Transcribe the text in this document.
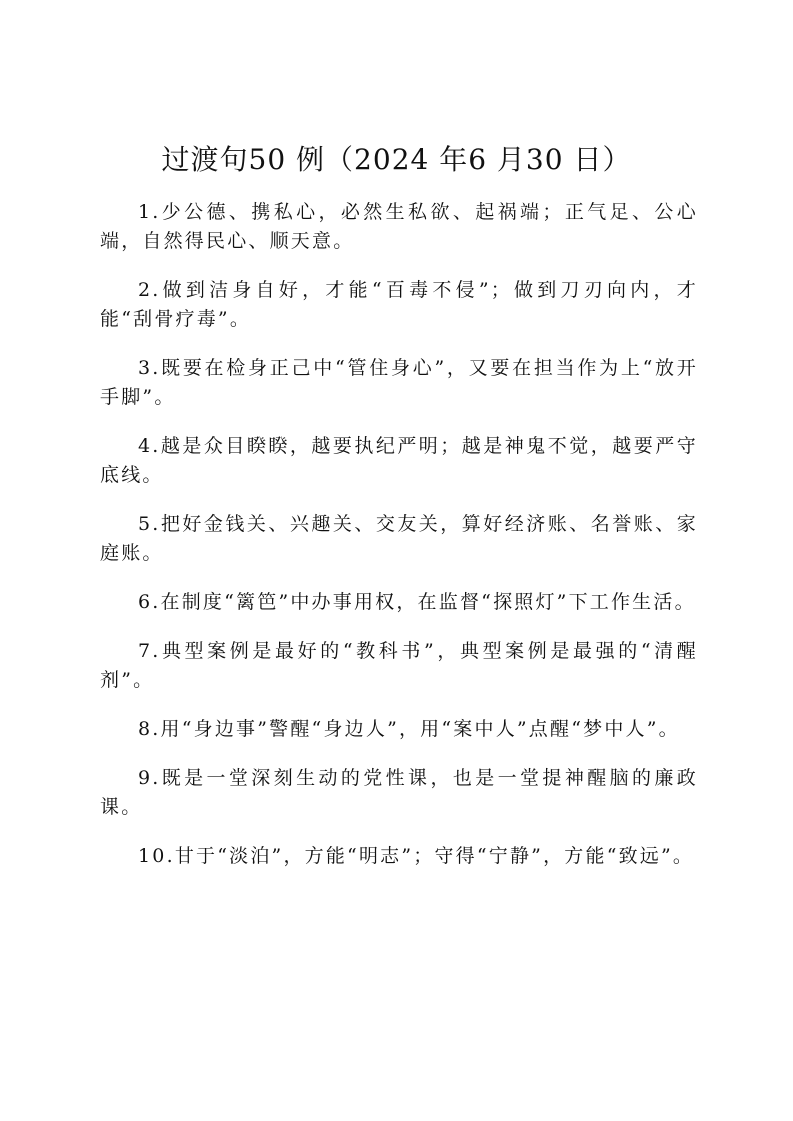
过渡句50 例（2024 年6 月30 日）
1.少公德、携私心，必然生私欲、起祸端；正气足、公心端，自然得民心、顺天意。
2.做到洁身自好，才能“百毒不侵”；做到刀刃向内，才能“刮骨疗毒”。
3.既要在检身正己中“管住身心”，又要在担当作为上“放开手脚”。
4.越是众目睽睽，越要执纪严明；越是神鬼不觉，越要严守底线。
5.把好金钱关、兴趣关、交友关，算好经济账、名誉账、家庭账。
6.在制度“篱笆”中办事用权，在监督“探照灯”下工作生活。
7.典型案例是最好的“教科书”，典型案例是最强的“清醒剂”。
8.用“身边事”警醒“身边人”，用“案中人”点醒“梦中人”。
9.既是一堂深刻生动的党性课，也是一堂提神醒脑的廉政课。
10.甘于“淡泊”，方能“明志”；守得“宁静”，方能“致远”。
